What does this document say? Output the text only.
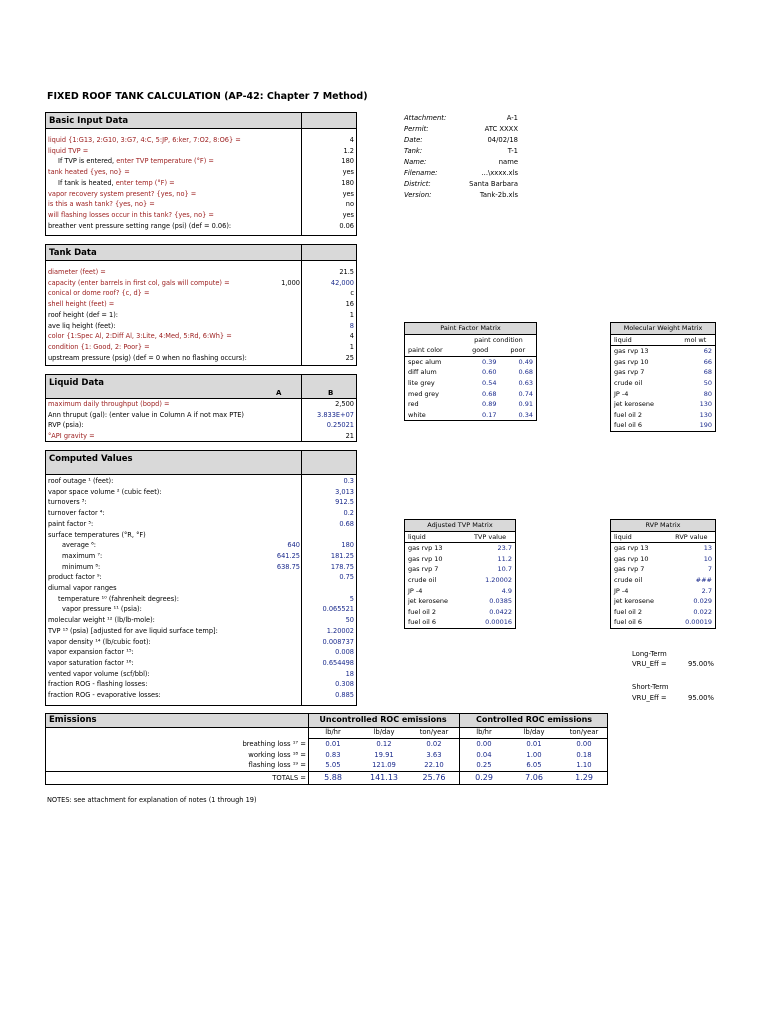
FIXED ROOF TANK CALCULATION (AP-42: Chapter 7 Method)
Attachment:	A-1
Permit:	ATC XXXX
Date:	04/02/18
Tank:	T-1
Name:	name
Filename:	...\xxxx.xls
District:	Santa Barbara
Version:	Tank-2b.xls
Basic Input Data
liquid {1:G13, 2:G10, 3:G7, 4:C, 5:JP, 6:ker, 7:O2, 8:O6} =	4
liquid TVP =	1.2
If TVP is entered, enter TVP temperature (°F) =	180
tank heated {yes, no} =	yes
If tank is heated, enter temp (°F) =	180
vapor recovery system present? {yes, no} =	yes
is this a wash tank? {yes, no} =	no
will flashing losses occur in this tank? {yes, no} =	yes
breather vent pressure setting range (psi) (def = 0.06):	0.06
Tank Data
diameter (feet) =	21.5
capacity (enter barrels in first col, gals will compute) =	1,000	42,000
conical or dome roof? {c, d} =	c
shell height (feet) =	16
roof height (def = 1):	1
ave liq height (feet):	8
color {1:Spec Al, 2:Diff Al, 3:Lite, 4:Med, 5:Rd, 6:Wh} =	4
condition {1: Good, 2: Poor} =	1
upstream pressure (psig) (def = 0 when no flashing occurs):	25
Liquid Data
A	B
maximum daily throughput (bopd) =	2,500
Ann thruput (gal): (enter value in Column A if not max PTE)	3.833E+07
RVP (psia):	0.25021
°API gravity =	21
Computed Values
roof outage ¹ (feet):	0.3
vapor space volume ² (cubic feet):	3,013
turnovers ³:	912.5
turnover factor ⁴:	0.2
paint factor ⁵:	0.68
surface temperatures (°R, °F)
average ⁶:	640	180
maximum ⁷:	641.25	181.25
minimum ⁸:	638.75	178.75
product factor ⁹:	0.75
diurnal vapor ranges
temperature ¹⁰ (fahrenheit degrees):	5
vapor pressure ¹¹ (psia):	0.065521
molecular weight ¹² (lb/lb-mole):	50
TVP ¹³ (psia) [adjusted for ave liquid surface temp]:	1.20002
vapor density ¹⁴ (lb/cubic foot):	0.008737
vapor expansion factor ¹⁵:	0.008
vapor saturation factor ¹⁶:	0.654498
vented vapor volume (scf/bbl):	18
fraction ROG - flashing losses:	0.308
fraction ROG - evaporative losses:	0.885
Paint Factor Matrix		
	paint condition	
paint color	good	poor
spec alum	0.39	0.49
diff alum	0.60	0.68
lite grey	0.54	0.63
med grey	0.68	0.74
red	0.89	0.91
white	0.17	0.34
Molecular Weight Matrix	
liquid	mol wt
gas rvp 13	62
gas rvp 10	66
gas rvp 7	68
crude oil	50
JP -4	80
jet kerosene	130
fuel oil 2	130
fuel oil 6	190
Adjusted TVP Matrix	
liquid	TVP value
gas rvp 13	23.7
gas rvp 10	11.2
gas rvp 7	10.7
crude oil	1.20002
JP -4	4.9
jet kerosene	0.0385
fuel oil 2	0.0422
fuel oil 6	0.00016
RVP Matrix	
liquid	RVP value
gas rvp 13	13
gas rvp 10	10
gas rvp 7	7
crude oil	###
JP -4	2.7
jet kerosene	0.029
fuel oil 2	0.022
fuel oil 6	0.00019
Long-Term
VRU_Eff =	95.00%
Short-Term
VRU_Eff =	95.00%
Emissions	Uncontrolled ROC emissions	Controlled ROC emissions
lb/hr	lb/day	ton/year	lb/hr	lb/day	ton/year
breathing loss ¹⁷ =	0.01	0.12	0.02	0.00	0.01	0.00
working loss ¹⁸ =	0.83	19.91	3.63	0.04	1.00	0.18
flashing loss ¹⁹ =	5.05	121.09	22.10	0.25	6.05	1.10
TOTALS =	5.88	141.13	25.76	0.29	7.06	1.29
NOTES: see attachment for explanation of notes (1 through 19)
